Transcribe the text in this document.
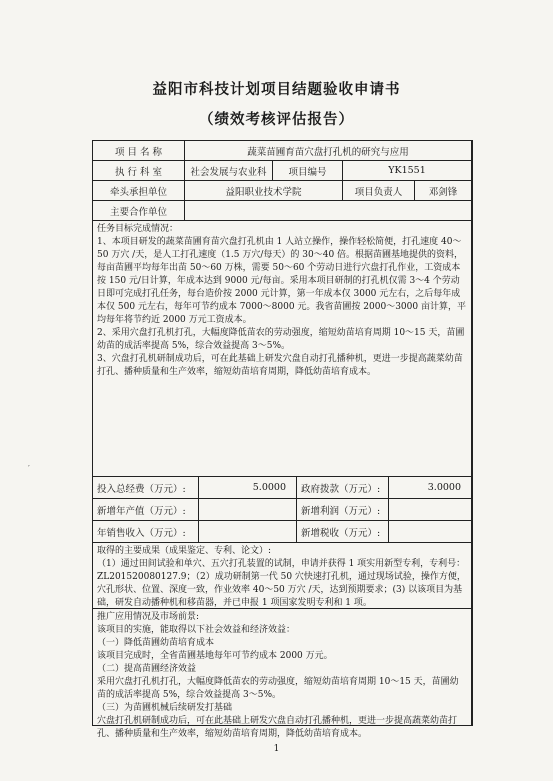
益阳市科技计划项目结题验收申请书
（绩效考核评估报告）
项 目 名 称	蔬菜苗圃育苗穴盘打孔机的研究与应用
执 行 科 室	社会发展与农业科	项目编号	YK1551
牵头承担单位	益阳职业技术学院	项目负责人	邓剑锋
主要合作单位

任务目标完成情况：

1、本项目研发的蔬菜苗圃育苗穴盘打孔机由 1 人站立操作，操作轻松简便，打孔速度 40～50 万穴 /天，是人工打孔速度（1.5 万穴/每天）的 30～40 倍。根据苗圃基地提供的资料，每亩苗圃平均每年出苗 50～60 万株，需要 50～60 个劳动日进行穴盘打孔作业，工资成本按 150 元/日计算，年成本达到 9000 元/每亩。采用本项目研制的打孔机仅需 3～4 个劳动日即可完成打孔任务，每台造价按 2000 元计算，第一年成本仅 3000 元左右，之后每年成本仅 500 元左右，每年可节约成本 7000～8000 元。我省苗圃按 2000～3000 亩计算，平均每年将节约近 2000 万元工资成本。

2、采用穴盘打孔机打孔，大幅度降低苗农的劳动强度，缩短幼苗培育周期 10～15 天，苗圃幼苗的成活率提高 5%，综合效益提高 3～5%。

3、穴盘打孔机研制成功后，可在此基础上研发穴盘自动打孔播种机，更进一步提高蔬菜幼苗打孔、播种质量和生产效率，缩短幼苗培育周期，降低幼苗培育成本。

投入总经费（万元）:	5.0000	政府拨款（万元）:	3.0000
新增年产值（万元）:	新增利润（万元）:
年销售收入（万元）:	新增税收（万元）:

取得的主要成果（成果鉴定、专利、论文）:

（1）通过田间试验和单穴、五穴打孔装置的试制，申请并获得 1 项实用新型专利，专利号：ZL201520080127.9；（2）成功研制第一代 50 穴快速打孔机，通过现场试验，操作方便，穴孔形状、位置、深度一致，作业效率 40～50 万穴 /天，达到预期要求；(3) 以该项目为基础，研发自动播种机和移苗器，并已申报 1 项国家发明专利和 1 项。

推广应用情况及市场前景:

该项目的实施，能取得以下社会效益和经济效益：

（一）降低苗圃幼苗培育成本

该项目完成时，全省苗圃基地每年可节约成本 2000 万元。

（二）提高苗圃经济效益

采用穴盘打孔机打孔，大幅度降低苗农的劳动强度，缩短幼苗培育周期 10～15 天，苗圃幼苗的成活率提高 5%，综合效益提高 3～5%。

（三）为苗圃机械后续研发打基础

穴盘打孔机研制成功后，可在此基础上研发穴盘自动打孔播种机，更进一步提高蔬菜幼苗打孔、播种质量和生产效率，缩短幼苗培育周期，降低幼苗培育成本。

′
1
